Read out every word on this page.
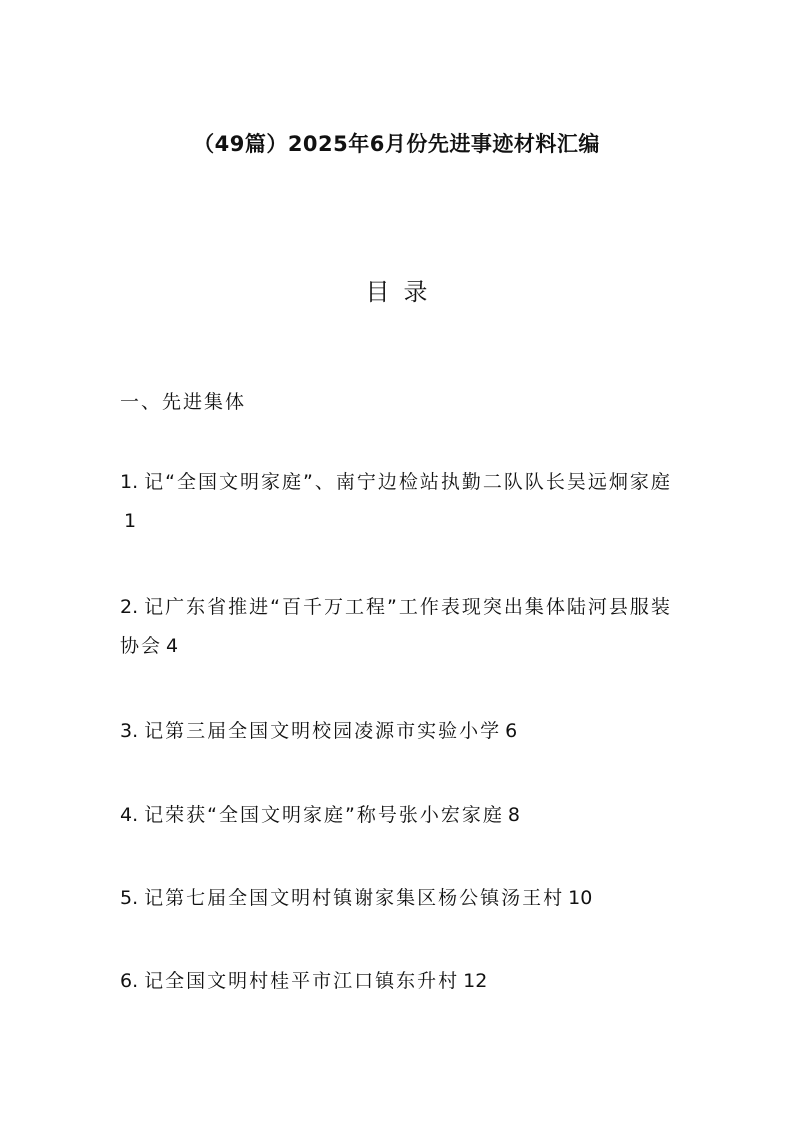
（49篇）2025年6月份先进事迹材料汇编
目录
一、先进集体
1. 记“全国文明家庭”、南宁边检站执勤二队队长吴远炯家庭1
2. 记广东省推进“百千万工程”工作表现突出集体陆河县服装协会 4
3. 记第三届全国文明校园凌源市实验小学 6
4. 记荣获“全国文明家庭”称号张小宏家庭 8
5. 记第七届全国文明村镇谢家集区杨公镇汤王村 10
6. 记全国文明村桂平市江口镇东升村 12
